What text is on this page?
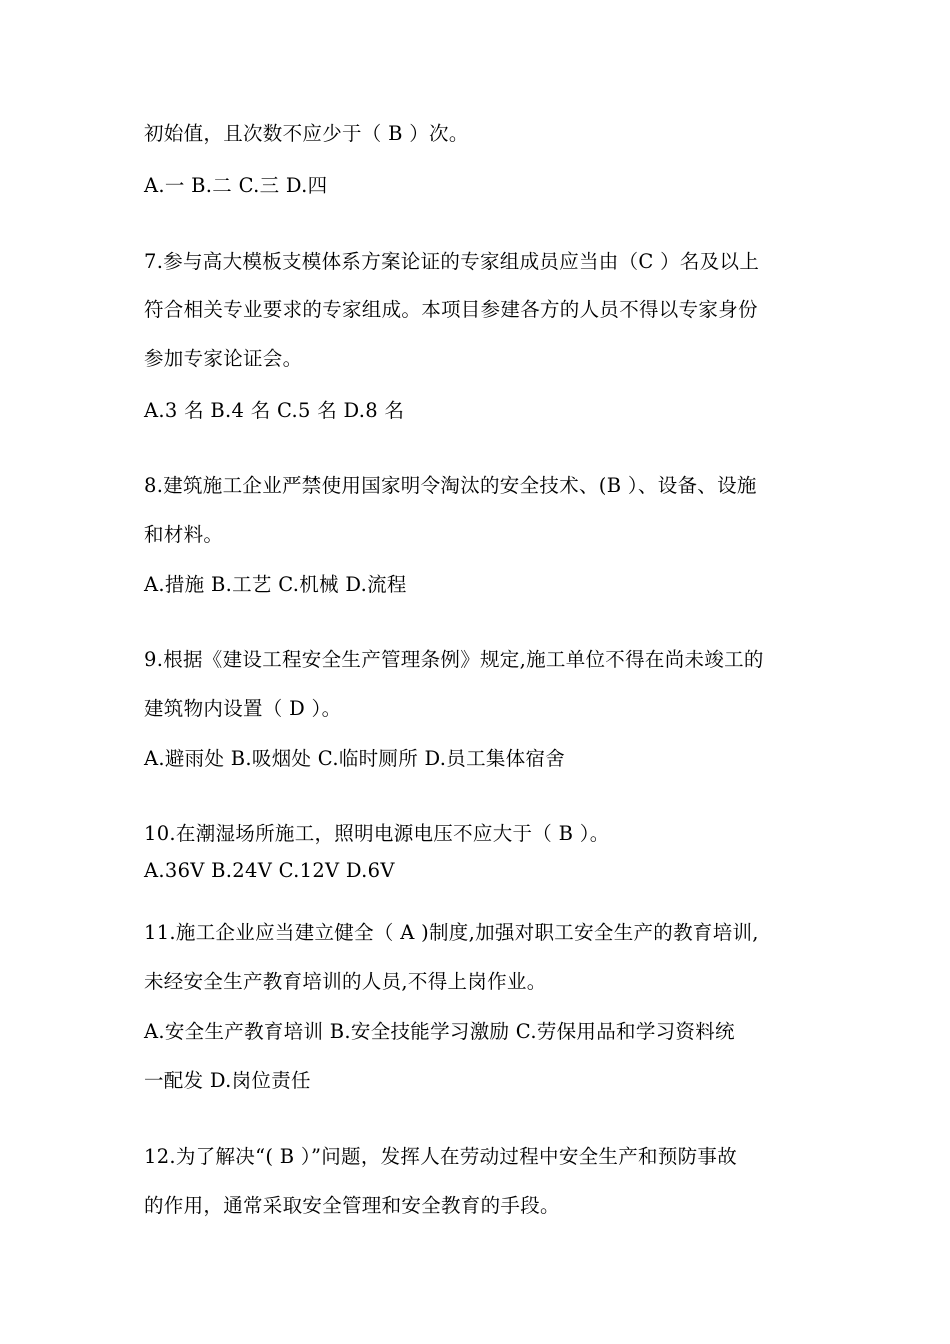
初始值，且次数不应少于（ B ）次。
A.一 B.二 C.三 D.四
7.参与高大模板支模体系方案论证的专家组成员应当由（C ）名及以上
符合相关专业要求的专家组成。本项目参建各方的人员不得以专家身份
参加专家论证会。
A.3 名 B.4 名 C.5 名 D.8 名
8.建筑施工企业严禁使用国家明令淘汰的安全技术、(B ）、设备、设施
和材料。
A.措施 B.工艺 C.机械 D.流程
9.根据《建设工程安全生产管理条例》规定,施工单位不得在尚未竣工的
建筑物内设置（ D ）。
A.避雨处 B.吸烟处 C.临时厕所 D.员工集体宿舍
10.在潮湿场所施工，照明电源电压不应大于（ B ）。
A.36V B.24V C.12V D.6V
11.施工企业应当建立健全（ A )制度,加强对职工安全生产的教育培训,
未经安全生产教育培训的人员,不得上岗作业。
A.安全生产教育培训 B.安全技能学习激励 C.劳保用品和学习资料统
一配发 D.岗位责任
12.为了解决“( B ）”问题，发挥人在劳动过程中安全生产和预防事故
的作用，通常采取安全管理和安全教育的手段。
